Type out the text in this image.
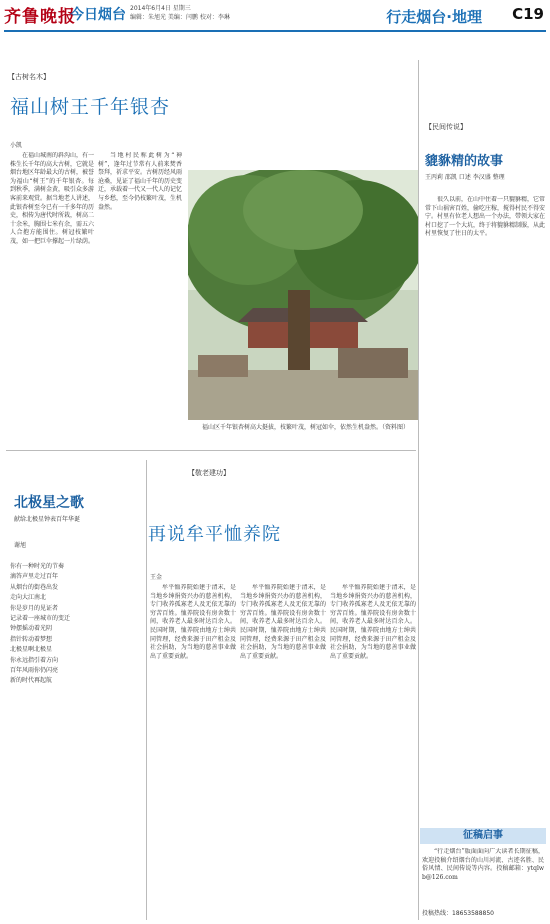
齐鲁晚报
今日烟台 2014年6月4日 星期三
编辑：朱旭光 美编：闫鹏 校对：李琳	行走烟台·地理 C19
【古树名木】
福山树王千年银杏
小凯
在福山城南的斜沟山，有一株生长千年的高大古树，它就是烟台地区年龄最大的古树，被誉为福山“树王”的千年银杏。每到秋季，满树金黄，吸引众多游客前来观赏。据当地老人讲述，此银杏树至今已有一千多年的历史，相传为唐代时所栽，树高二十余米，胸围七米有余，需五六人合抱方能围住。树冠枝繁叶茂，如一把巨伞撑起一片绿荫。
当地村民称此树为“神树”，逢年过节常有人前来焚香祭拜，祈求平安。古树历经风雨沧桑，见证了福山千年的历史变迁，承载着一代又一代人的记忆与乡愁，至今仍枝繁叶茂，生机盎然。
福山区千年银杏树高大挺拔，枝繁叶茂，树冠如伞，依然生机盎然。（资料图）
北极星之歌
献给北极星钟表百年华诞
谢旭
你有一种时光的节奏
滴答声里走过百年
从烟台的街巷出发
走向大江南北
你是岁月的见证者
记录着一座城市的变迁
钟摆摇动着光阴
指针转动着梦想
北极星啊北极星
你永远指引着方向
百年风雨你仍闪亮
新的时代再起航
【敬老建功】
再说牟平恤养院
王金
牟平恤养院始建于清末，是当地乡绅捐资兴办的慈善机构，专门收养孤寡老人及无依无靠的穷苦百姓。恤养院设有房舍数十间，收养老人最多时达百余人。民国时期，恤养院由地方士绅共同管理，经费来源于田产租金及社会捐助，为当地的慈善事业做出了重要贡献。
牟平恤养院始建于清末，是当地乡绅捐资兴办的慈善机构，专门收养孤寡老人及无依无靠的穷苦百姓。恤养院设有房舍数十间，收养老人最多时达百余人。民国时期，恤养院由地方士绅共同管理，经费来源于田产租金及社会捐助，为当地的慈善事业做出了重要贡献。
牟平恤养院始建于清末，是当地乡绅捐资兴办的慈善机构，专门收养孤寡老人及无依无靠的穷苦百姓。恤养院设有房舍数十间，收养老人最多时达百余人。民国时期，恤养院由地方士绅共同管理，经费来源于田产租金及社会捐助，为当地的慈善事业做出了重要贡献。
【民间传说】
貔貅精的故事
王丙莉 邵凯 口述 李汉盛 整理
很久以前，在山中住着一只貔貅精，它常常下山祸害百姓，偷吃庄稼，搅得村民不得安宁。村里有位老人想出一个办法，带领大家在村口挖了一个大坑，终于将貔貅精制服，从此村里恢复了往日的太平。
征稿启事
“行走烟台”版面面向广大读者长期征稿，欢迎投稿介绍烟台的山川河流、古迹名胜、民俗风情、民间传说等内容。投稿邮箱：ytqlwb@126.com
投稿热线：18653588850
